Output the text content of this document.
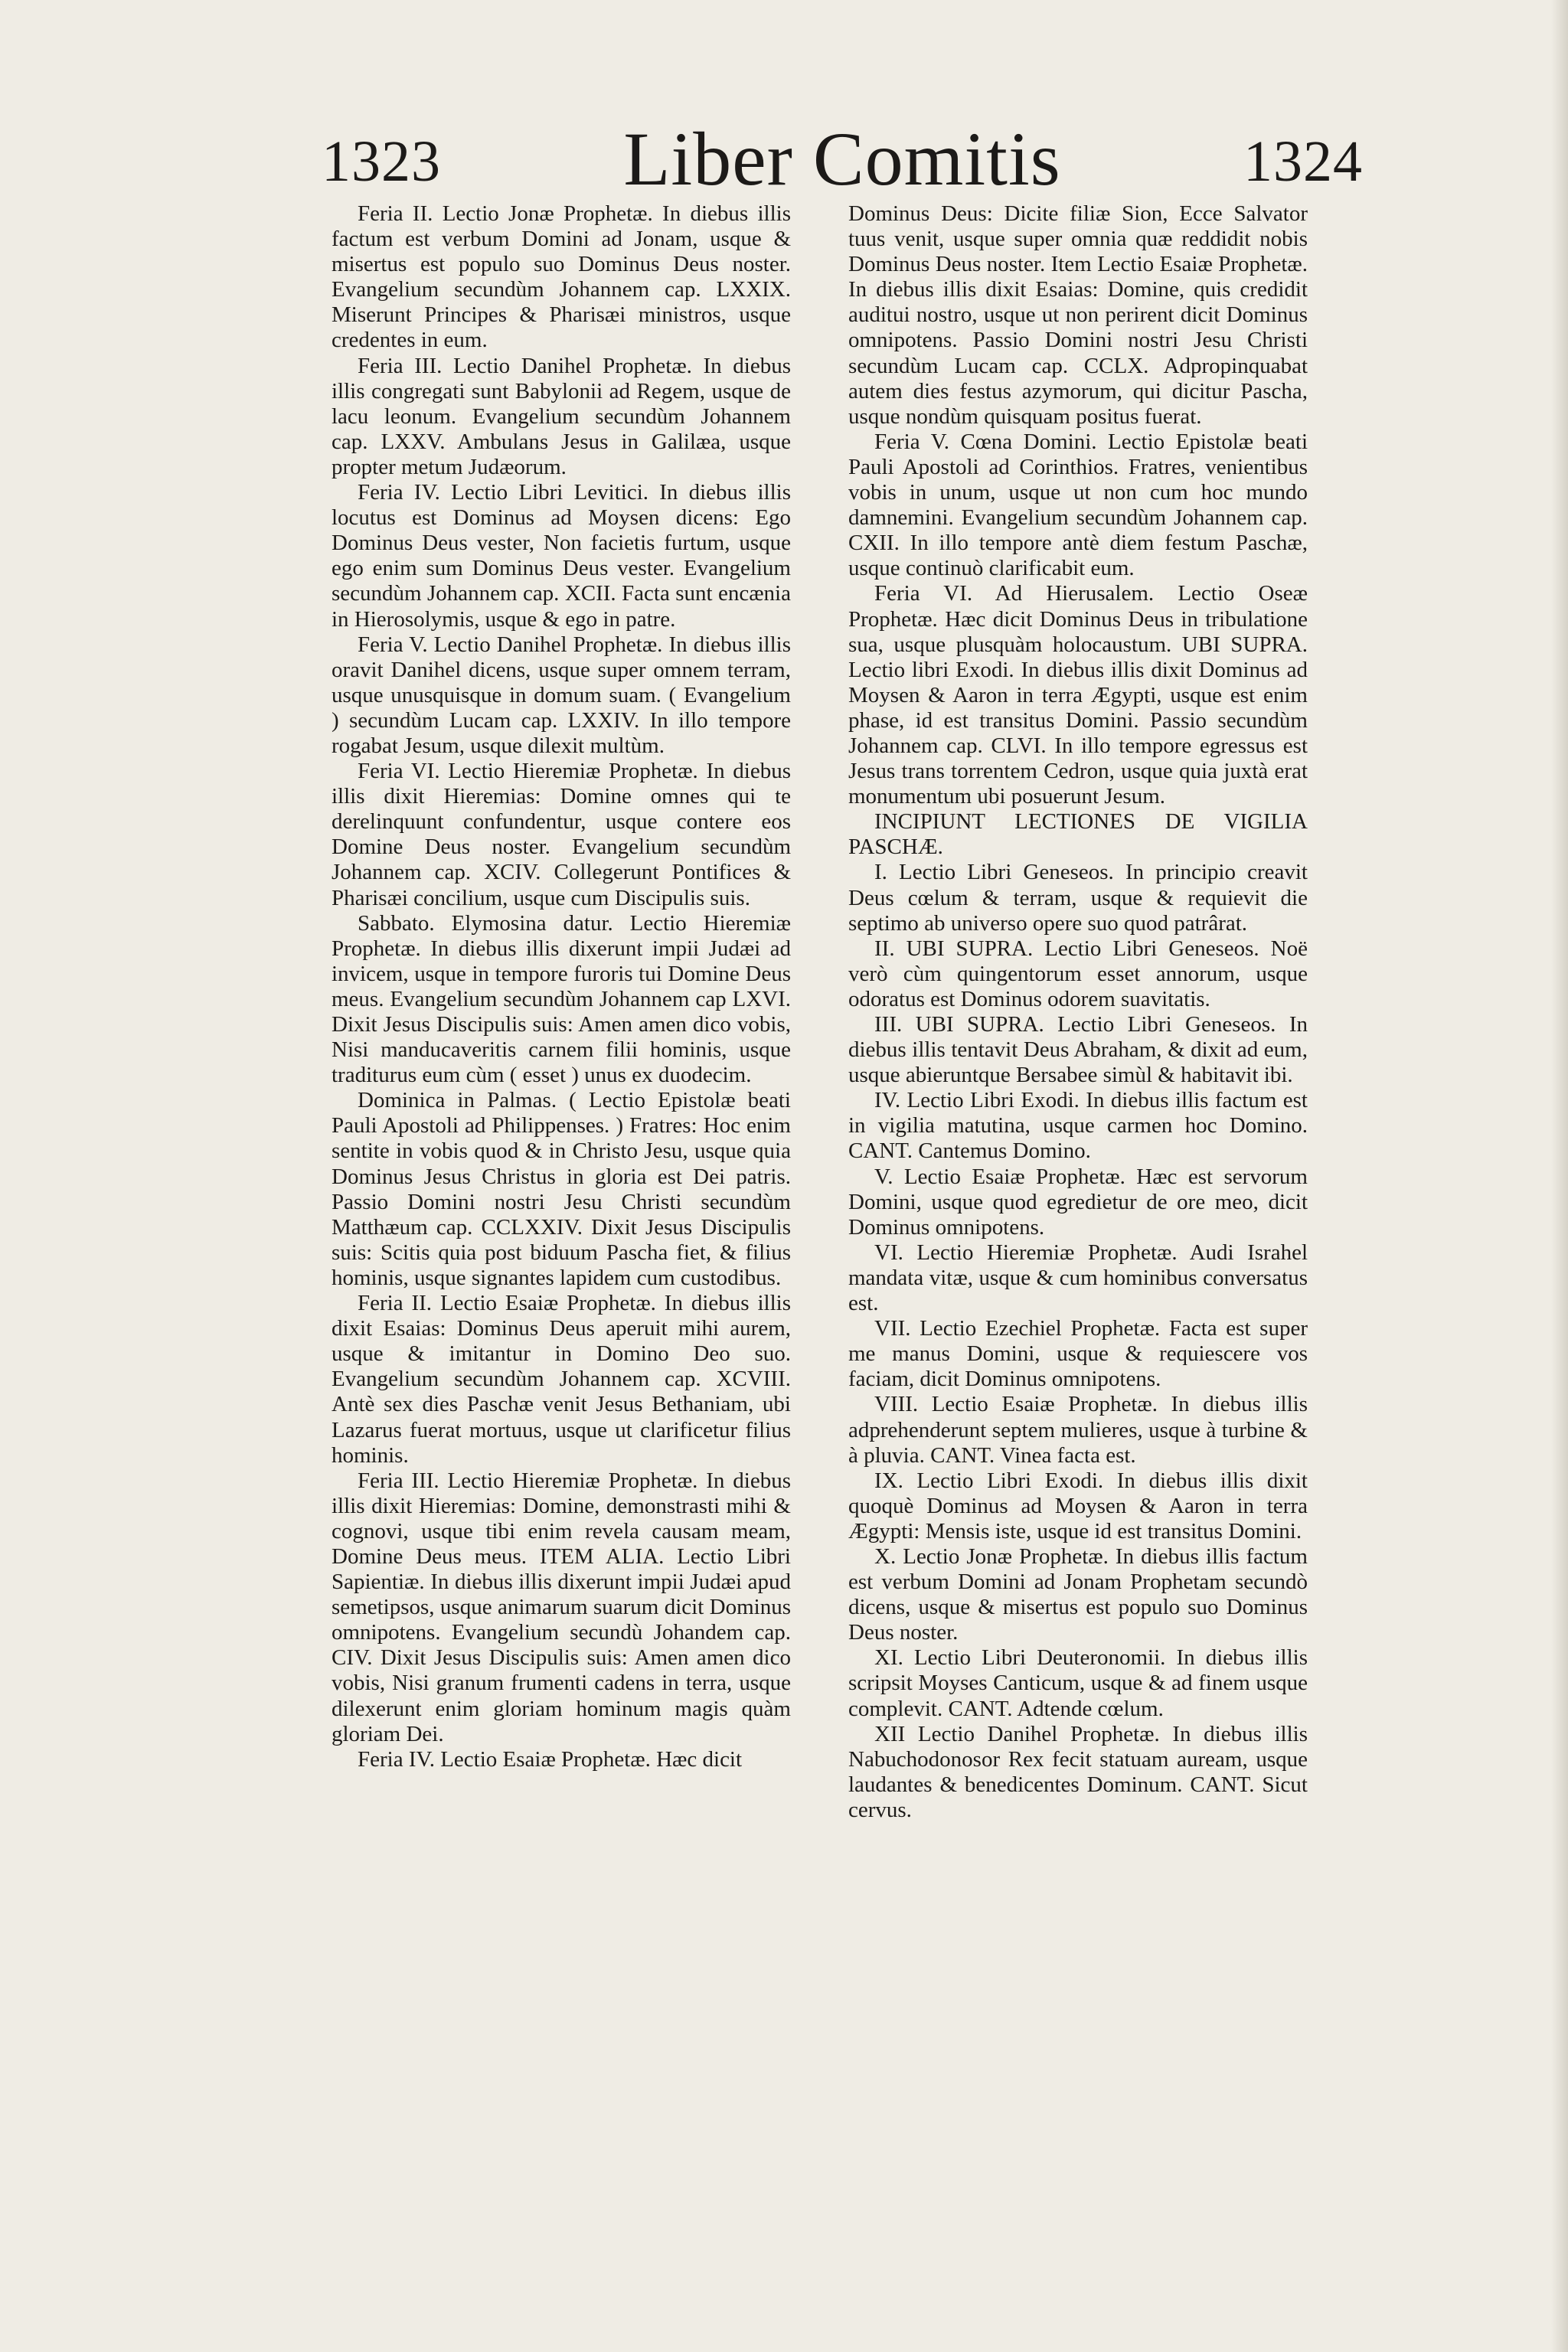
1323	Liber Comitis	1324

Feria II. Lectio Jonæ Prophetæ. In diebus illis factum est verbum Domini ad Jonam, usque & misertus est populo suo Dominus Deus noster. Evangelium secundùm Johannem cap. LXXIX. Miserunt Principes & Pharisæi ministros, usque credentes in eum.

Feria III. Lectio Danihel Prophetæ. In diebus illis congregati sunt Babylonii ad Regem, usque de lacu leonum. Evangelium secundùm Johannem cap. LXXV. Ambulans Jesus in Galilæa, usque propter metum Judæorum.

Feria IV. Lectio Libri Levitici. In diebus illis locutus est Dominus ad Moysen dicens: Ego Dominus Deus vester, Non facietis furtum, usque ego enim sum Dominus Deus vester. Evangelium secundùm Johannem cap. XCII. Facta sunt encænia in Hierosolymis, usque & ego in patre.

Feria V. Lectio Danihel Prophetæ. In diebus illis oravit Danihel dicens, usque super omnem terram, usque unusquisque in domum suam. ( Evangelium ) secundùm Lucam cap. LXXIV. In illo tempore rogabat Jesum, usque dilexit multùm.

Feria VI. Lectio Hieremiæ Prophetæ. In diebus illis dixit Hieremias: Domine omnes qui te derelinquunt confundentur, usque contere eos Domine Deus noster. Evangelium secundùm Johannem cap. XCIV. Collegerunt Pontifices & Pharisæi concilium, usque cum Discipulis suis.

Sabbato. Elymosina datur. Lectio Hieremiæ Prophetæ. In diebus illis dixerunt impii Judæi ad invicem, usque in tempore furoris tui Domine Deus meus. Evangelium secundùm Johannem cap LXVI. Dixit Jesus Discipulis suis: Amen amen dico vobis, Nisi manducaveritis carnem filii hominis, usque traditurus eum cùm ( esset ) unus ex duodecim.

Dominica in Palmas. ( Lectio Epistolæ beati Pauli Apostoli ad Philippenses. ) Fratres: Hoc enim sentite in vobis quod & in Christo Jesu, usque quia Dominus Jesus Christus in gloria est Dei patris. Passio Domini nostri Jesu Christi secundùm Matthæum cap. CCLXXIV. Dixit Jesus Discipulis suis: Scitis quia post biduum Pascha fiet, & filius hominis, usque signantes lapidem cum custodibus.

Feria II. Lectio Esaiæ Prophetæ. In diebus illis dixit Esaias: Dominus Deus aperuit mihi aurem, usque & imitantur in Domino Deo suo. Evangelium secundùm Johannem cap. XCVIII. Antè sex dies Paschæ venit Jesus Bethaniam, ubi Lazarus fuerat mortuus, usque ut clarificetur filius hominis.

Feria III. Lectio Hieremiæ Prophetæ. In diebus illis dixit Hieremias: Domine, demonstrasti mihi & cognovi, usque tibi enim revela causam meam, Domine Deus meus. ITEM ALIA. Lectio Libri Sapientiæ. In diebus illis dixerunt impii Judæi apud semetipsos, usque animarum suarum dicit Dominus omnipotens. Evangelium secundù Johandem cap. CIV. Dixit Jesus Discipulis suis: Amen amen dico vobis, Nisi granum frumenti cadens in terra, usque dilexerunt enim gloriam hominum magis quàm gloriam Dei.

Feria IV. Lectio Esaiæ Prophetæ. Hæc dicit

Dominus Deus: Dicite filiæ Sion, Ecce Salvator tuus venit, usque super omnia quæ reddidit nobis Dominus Deus noster. Item Lectio Esaiæ Prophetæ. In diebus illis dixit Esaias: Domine, quis credidit auditui nostro, usque ut non perirent dicit Dominus omnipotens. Passio Domini nostri Jesu Christi secundùm Lucam cap. CCLX. Adpropinquabat autem dies festus azymorum, qui dicitur Pascha, usque nondùm quisquam positus fuerat.

Feria V. Cœna Domini. Lectio Epistolæ beati Pauli Apostoli ad Corinthios. Fratres, venientibus vobis in unum, usque ut non cum hoc mundo damnemini. Evangelium secundùm Johannem cap. CXII. In illo tempore antè diem festum Paschæ, usque continuò clarificabit eum.

Feria VI. Ad Hierusalem. Lectio Oseæ Prophetæ. Hæc dicit Dominus Deus in tribulatione sua, usque plusquàm holocaustum. UBI SUPRA. Lectio libri Exodi. In diebus illis dixit Dominus ad Moysen & Aaron in terra Ægypti, usque est enim phase, id est transitus Domini. Passio secundùm Johannem cap. CLVI. In illo tempore egressus est Jesus trans torrentem Cedron, usque quia juxtà erat monumentum ubi posuerunt Jesum.

INCIPIUNT LECTIONES DE VIGILIA PASCHÆ.

I. Lectio Libri Geneseos. In principio creavit Deus cœlum & terram, usque & requievit die septimo ab universo opere suo quod patrârat.

II. UBI SUPRA. Lectio Libri Geneseos. Noë verò cùm quingentorum esset annorum, usque odoratus est Dominus odorem suavitatis.

III. UBI SUPRA. Lectio Libri Geneseos. In diebus illis tentavit Deus Abraham, & dixit ad eum, usque abieruntque Bersabee simùl & habitavit ibi.

IV. Lectio Libri Exodi. In diebus illis factum est in vigilia matutina, usque carmen hoc Domino. CANT. Cantemus Domino.

V. Lectio Esaiæ Prophetæ. Hæc est servorum Domini, usque quod egredietur de ore meo, dicit Dominus omnipotens.

VI. Lectio Hieremiæ Prophetæ. Audi Israhel mandata vitæ, usque & cum hominibus conversatus est.

VII. Lectio Ezechiel Prophetæ. Facta est super me manus Domini, usque & requiescere vos faciam, dicit Dominus omnipotens.

VIII. Lectio Esaiæ Prophetæ. In diebus illis adprehenderunt septem mulieres, usque à turbine & à pluvia. CANT. Vinea facta est.

IX. Lectio Libri Exodi. In diebus illis dixit quoquè Dominus ad Moysen & Aaron in terra Ægypti: Mensis iste, usque id est transitus Domini.

X. Lectio Jonæ Prophetæ. In diebus illis factum est verbum Domini ad Jonam Prophetam secundò dicens, usque & misertus est populo suo Dominus Deus noster.

XI. Lectio Libri Deuteronomii. In diebus illis scripsit Moyses Canticum, usque & ad finem usque complevit. CANT. Adtende cœlum.

XII Lectio Danihel Prophetæ. In diebus illis Nabuchodonosor Rex fecit statuam auream, usque laudantes & benedicentes Dominum. CANT. Sicut cervus.
